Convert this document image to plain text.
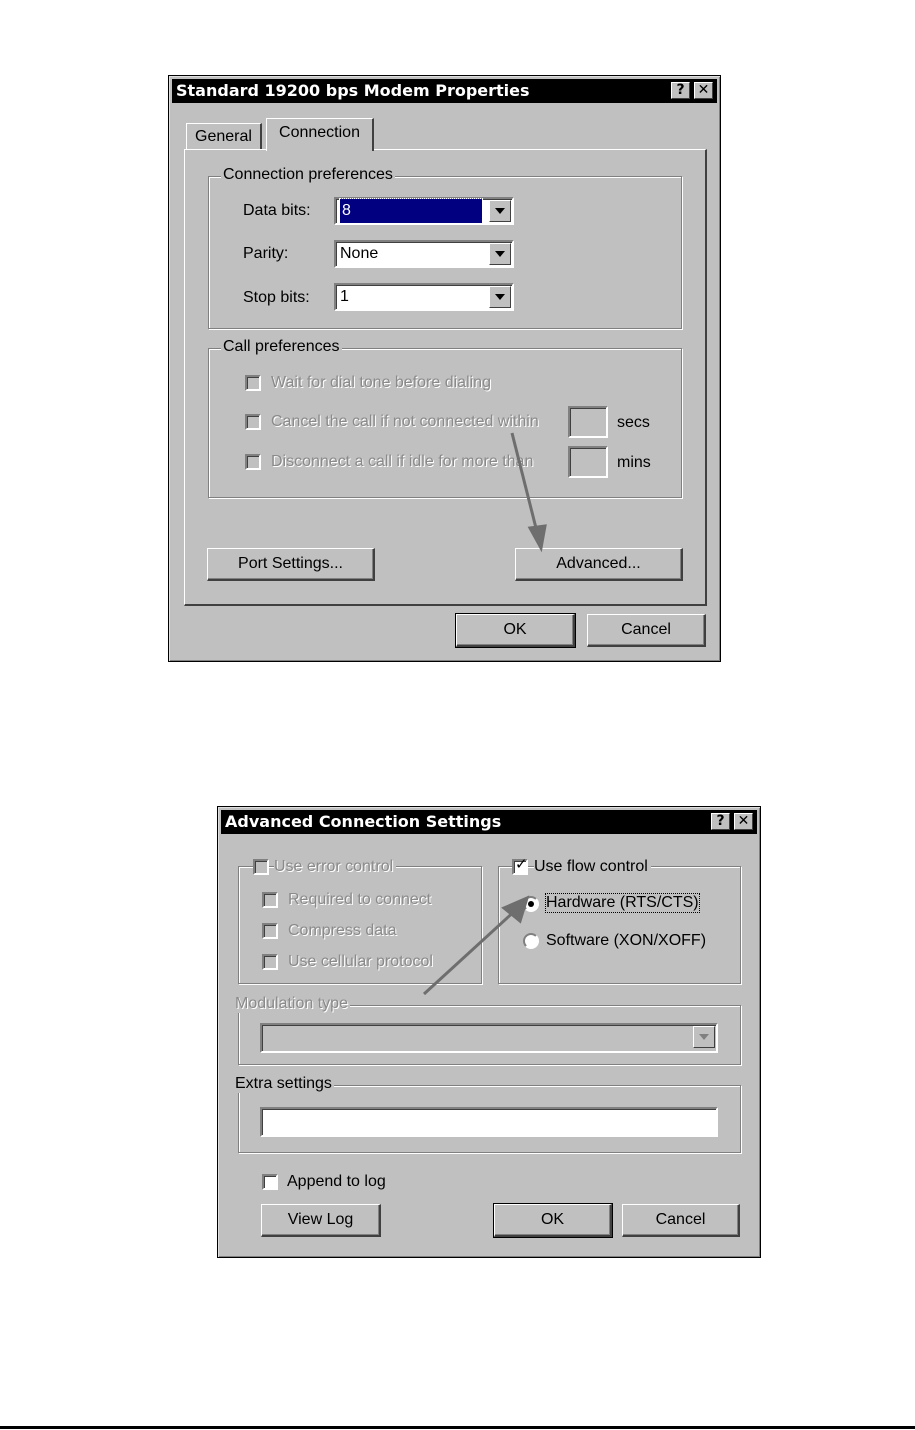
Standard 19200 bps Modem Properties	? ✕
General	Connection
Connection preferences
Data bits:	8
Parity:	None
Stop bits:	1
Call preferences
Wait for dial tone before dialing
Cancel the call if not connected within	secs
Disconnect a call if idle for more than	mins
Port Settings...	Advanced...
OK	Cancel
Advanced Connection Settings	? ✕
Use error control
Required to connect
Compress data
Use cellular protocol
✓ Use flow control
Hardware (RTS/CTS)
Software (XON/XOFF)
Modulation type
Extra settings
Append to log
View Log	OK	Cancel
